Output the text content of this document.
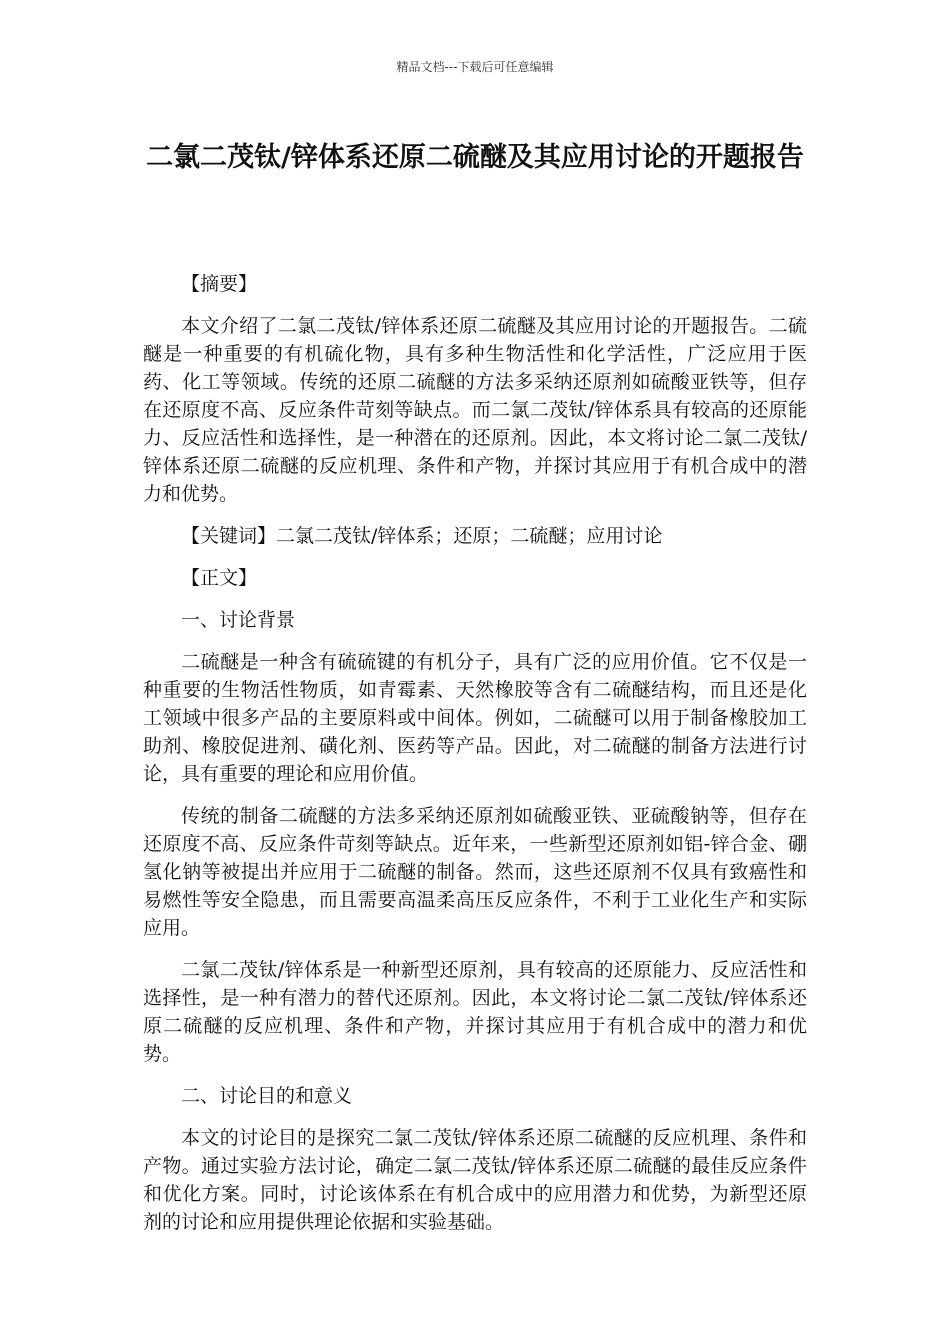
精品文档---下载后可任意编辑
二氯二茂钛/锌体系还原二硫醚及其应用讨论的开题报告
【摘要】

本文介绍了二氯二茂钛/锌体系还原二硫醚及其应用讨论的开题报告。二硫醚是一种重要的有机硫化物，具有多种生物活性和化学活性，广泛应用于医药、化工等领域。传统的还原二硫醚的方法多采纳还原剂如硫酸亚铁等，但存在还原度不高、反应条件苛刻等缺点。而二氯二茂钛/锌体系具有较高的还原能力、反应活性和选择性，是一种潜在的还原剂。因此，本文将讨论二氯二茂钛/锌体系还原二硫醚的反应机理、条件和产物，并探讨其应用于有机合成中的潜力和优势。

【关键词】二氯二茂钛/锌体系；还原；二硫醚；应用讨论
【正文】
一、讨论背景

二硫醚是一种含有硫硫键的有机分子，具有广泛的应用价值。它不仅是一种重要的生物活性物质，如青霉素、天然橡胶等含有二硫醚结构，而且还是化工领域中很多产品的主要原料或中间体。例如，二硫醚可以用于制备橡胶加工助剂、橡胶促进剂、磺化剂、医药等产品。因此，对二硫醚的制备方法进行讨论，具有重要的理论和应用价值。

传统的制备二硫醚的方法多采纳还原剂如硫酸亚铁、亚硫酸钠等，但存在还原度不高、反应条件苛刻等缺点。近年来，一些新型还原剂如铝-锌合金、硼氢化钠等被提出并应用于二硫醚的制备。然而，这些还原剂不仅具有致癌性和易燃性等安全隐患，而且需要高温柔高压反应条件，不利于工业化生产和实际应用。

二氯二茂钛/锌体系是一种新型还原剂，具有较高的还原能力、反应活性和选择性，是一种有潜力的替代还原剂。因此，本文将讨论二氯二茂钛/锌体系还原二硫醚的反应机理、条件和产物，并探讨其应用于有机合成中的潜力和优势。

二、讨论目的和意义

本文的讨论目的是探究二氯二茂钛/锌体系还原二硫醚的反应机理、条件和产物。通过实验方法讨论，确定二氯二茂钛/锌体系还原二硫醚的最佳反应条件和优化方案。同时，讨论该体系在有机合成中的应用潜力和优势，为新型还原剂的讨论和应用提供理论依据和实验基础。
